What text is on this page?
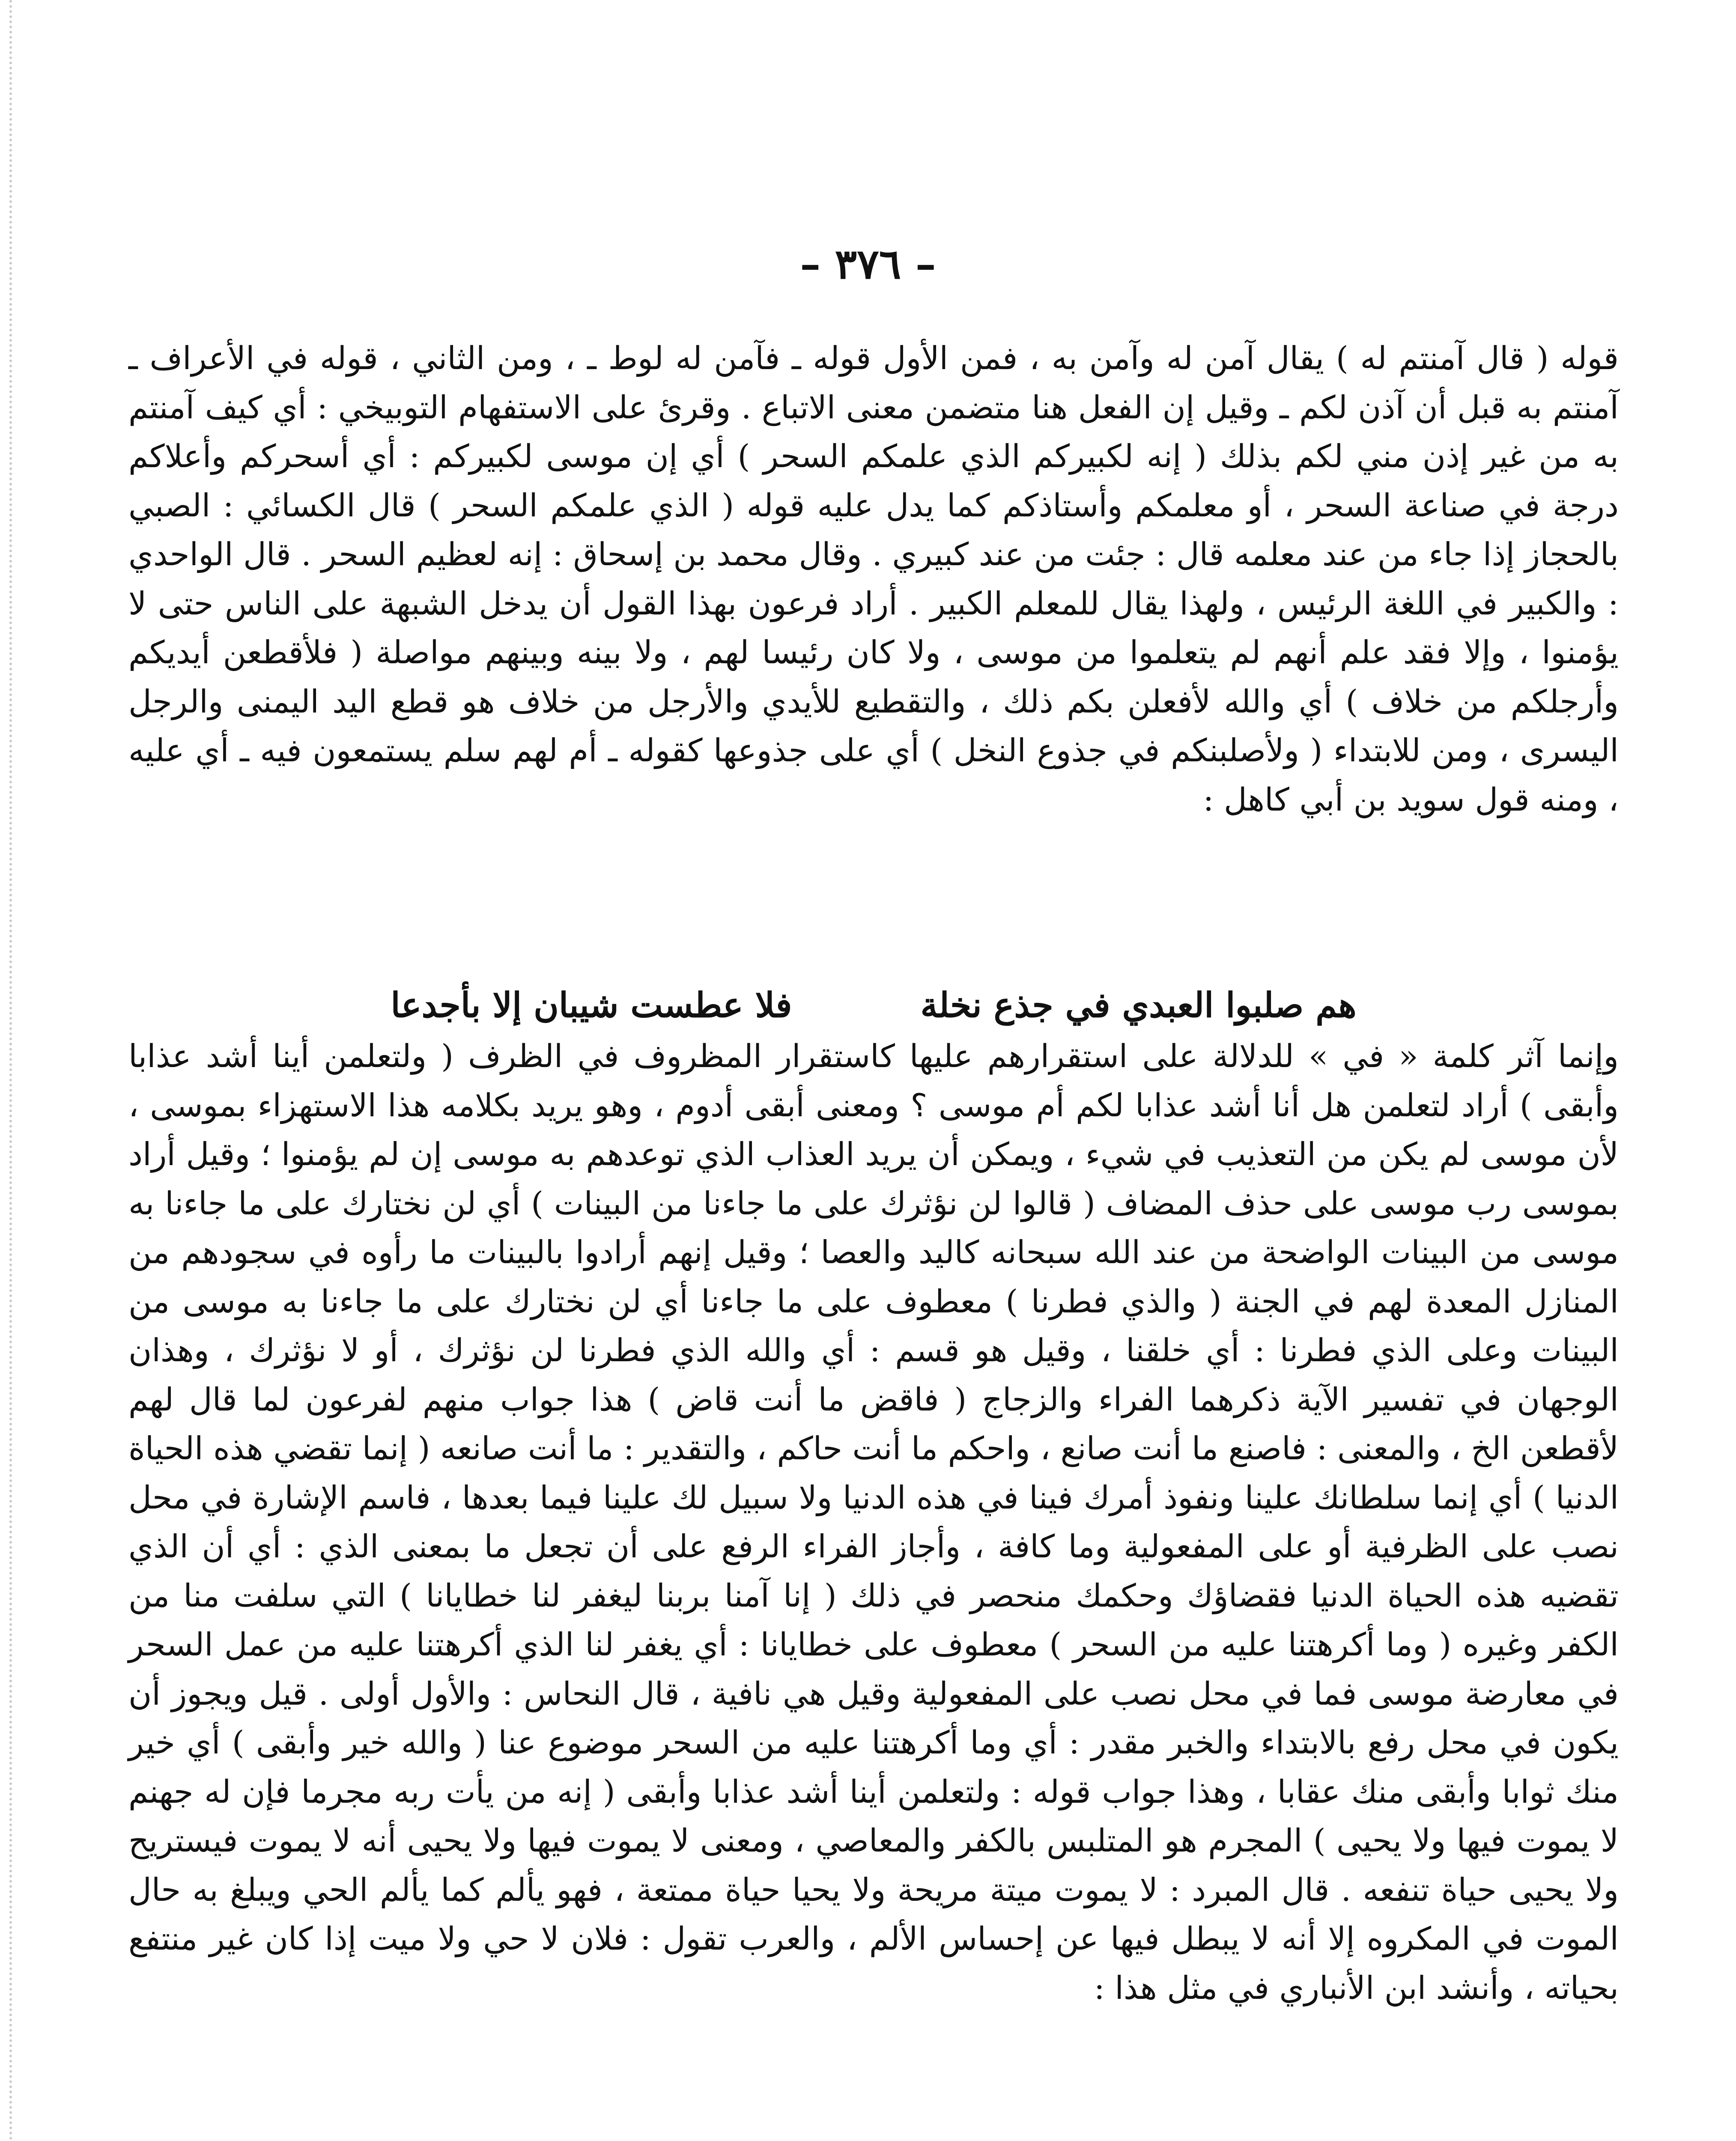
– ٣٧٦ –

قوله ( قال آمنتم له ) يقال آمن له وآمن به ، فمن الأول قوله ـ فآمن له لوط ـ ، ومن الثاني ، قوله في الأعراف ـ آمنتم به قبل أن آذن لكم ـ وقيل إن الفعل هنا متضمن معنى الاتباع . وقرئ على الاستفهام التوبيخي : أي كيف آمنتم به من غير إذن مني لكم بذلك ( إنه لكبيركم الذي علمكم السحر ) أي إن موسى لكبيركم : أي أسحركم وأعلاكم درجة في صناعة السحر ، أو معلمكم وأستاذكم كما يدل عليه قوله ( الذي علمكم السحر ) قال الكسائي : الصبي بالحجاز إذا جاء من عند معلمه قال : جئت من عند كبيري . وقال محمد بن إسحاق : إنه لعظيم السحر . قال الواحدي : والكبير في اللغة الرئيس ، ولهذا يقال للمعلم الكبير . أراد فرعون بهذا القول أن يدخل الشبهة على الناس حتى لا يؤمنوا ، وإلا فقد علم أنهم لم يتعلموا من موسى ، ولا كان رئيسا لهم ، ولا بينه وبينهم مواصلة ( فلأقطعن أيديكم وأرجلكم من خلاف ) أي والله لأفعلن بكم ذلك ، والتقطيع للأيدي والأرجل من خلاف هو قطع اليد اليمنى والرجل اليسرى ، ومن للابتداء ( ولأصلبنكم في جذوع النخل ) أي على جذوعها كقوله ـ أم لهم سلم يستمعون فيه ـ أي عليه ، ومنه قول سويد بن أبي كاهل :

هم صلبوا العبدي في جذع نخلة
فلا عطست شيبان إلا بأجدعا

وإنما آثر كلمة « في » للدلالة على استقرارهم عليها كاستقرار المظروف في الظرف ( ولتعلمن أينا أشد عذابا وأبقى ) أراد لتعلمن هل أنا أشد عذابا لكم أم موسى ؟ ومعنى أبقى أدوم ، وهو يريد بكلامه هذا الاستهزاء بموسى ، لأن موسى لم يكن من التعذيب في شيء ، ويمكن أن يريد العذاب الذي توعدهم به موسى إن لم يؤمنوا ؛ وقيل أراد بموسى رب موسى على حذف المضاف ( قالوا لن نؤثرك على ما جاءنا من البينات ) أي لن نختارك على ما جاءنا به موسى من البينات الواضحة من عند الله سبحانه كاليد والعصا ؛ وقيل إنهم أرادوا بالبينات ما رأوه في سجودهم من المنازل المعدة لهم في الجنة ( والذي فطرنا ) معطوف على ما جاءنا أي لن نختارك على ما جاءنا به موسى من البينات وعلى الذي فطرنا : أي خلقنا ، وقيل هو قسم : أي والله الذي فطرنا لن نؤثرك ، أو لا نؤثرك ، وهذان الوجهان في تفسير الآية ذكرهما الفراء والزجاج ( فاقض ما أنت قاض ) هذا جواب منهم لفرعون لما قال لهم لأقطعن الخ ، والمعنى : فاصنع ما أنت صانع ، واحكم ما أنت حاكم ، والتقدير : ما أنت صانعه ( إنما تقضي هذه الحياة الدنيا ) أي إنما سلطانك علينا ونفوذ أمرك فينا في هذه الدنيا ولا سبيل لك علينا فيما بعدها ، فاسم الإشارة في محل نصب على الظرفية أو على المفعولية وما كافة ، وأجاز الفراء الرفع على أن تجعل ما بمعنى الذي : أي أن الذي تقضيه هذه الحياة الدنيا فقضاؤك وحكمك منحصر في ذلك ( إنا آمنا بربنا ليغفر لنا خطايانا ) التي سلفت منا من الكفر وغيره ( وما أكرهتنا عليه من السحر ) معطوف على خطايانا : أي يغفر لنا الذي أكرهتنا عليه من عمل السحر في معارضة موسى فما في محل نصب على المفعولية وقيل هي نافية ، قال النحاس : والأول أولى . قيل ويجوز أن يكون في محل رفع بالابتداء والخبر مقدر : أي وما أكرهتنا عليه من السحر موضوع عنا ( والله خير وأبقى ) أي خير منك ثوابا وأبقى منك عقابا ، وهذا جواب قوله : ولتعلمن أينا أشد عذابا وأبقى ( إنه من يأت ربه مجرما فإن له جهنم لا يموت فيها ولا يحيى ) المجرم هو المتلبس بالكفر والمعاصي ، ومعنى لا يموت فيها ولا يحيى أنه لا يموت فيستريح ولا يحيى حياة تنفعه . قال المبرد : لا يموت ميتة مريحة ولا يحيا حياة ممتعة ، فهو يألم كما يألم الحي ويبلغ به حال الموت في المكروه إلا أنه لا يبطل فيها عن إحساس الألم ، والعرب تقول : فلان لا حي ولا ميت إذا كان غير منتفع بحياته ، وأنشد ابن الأنباري في مثل هذا :
